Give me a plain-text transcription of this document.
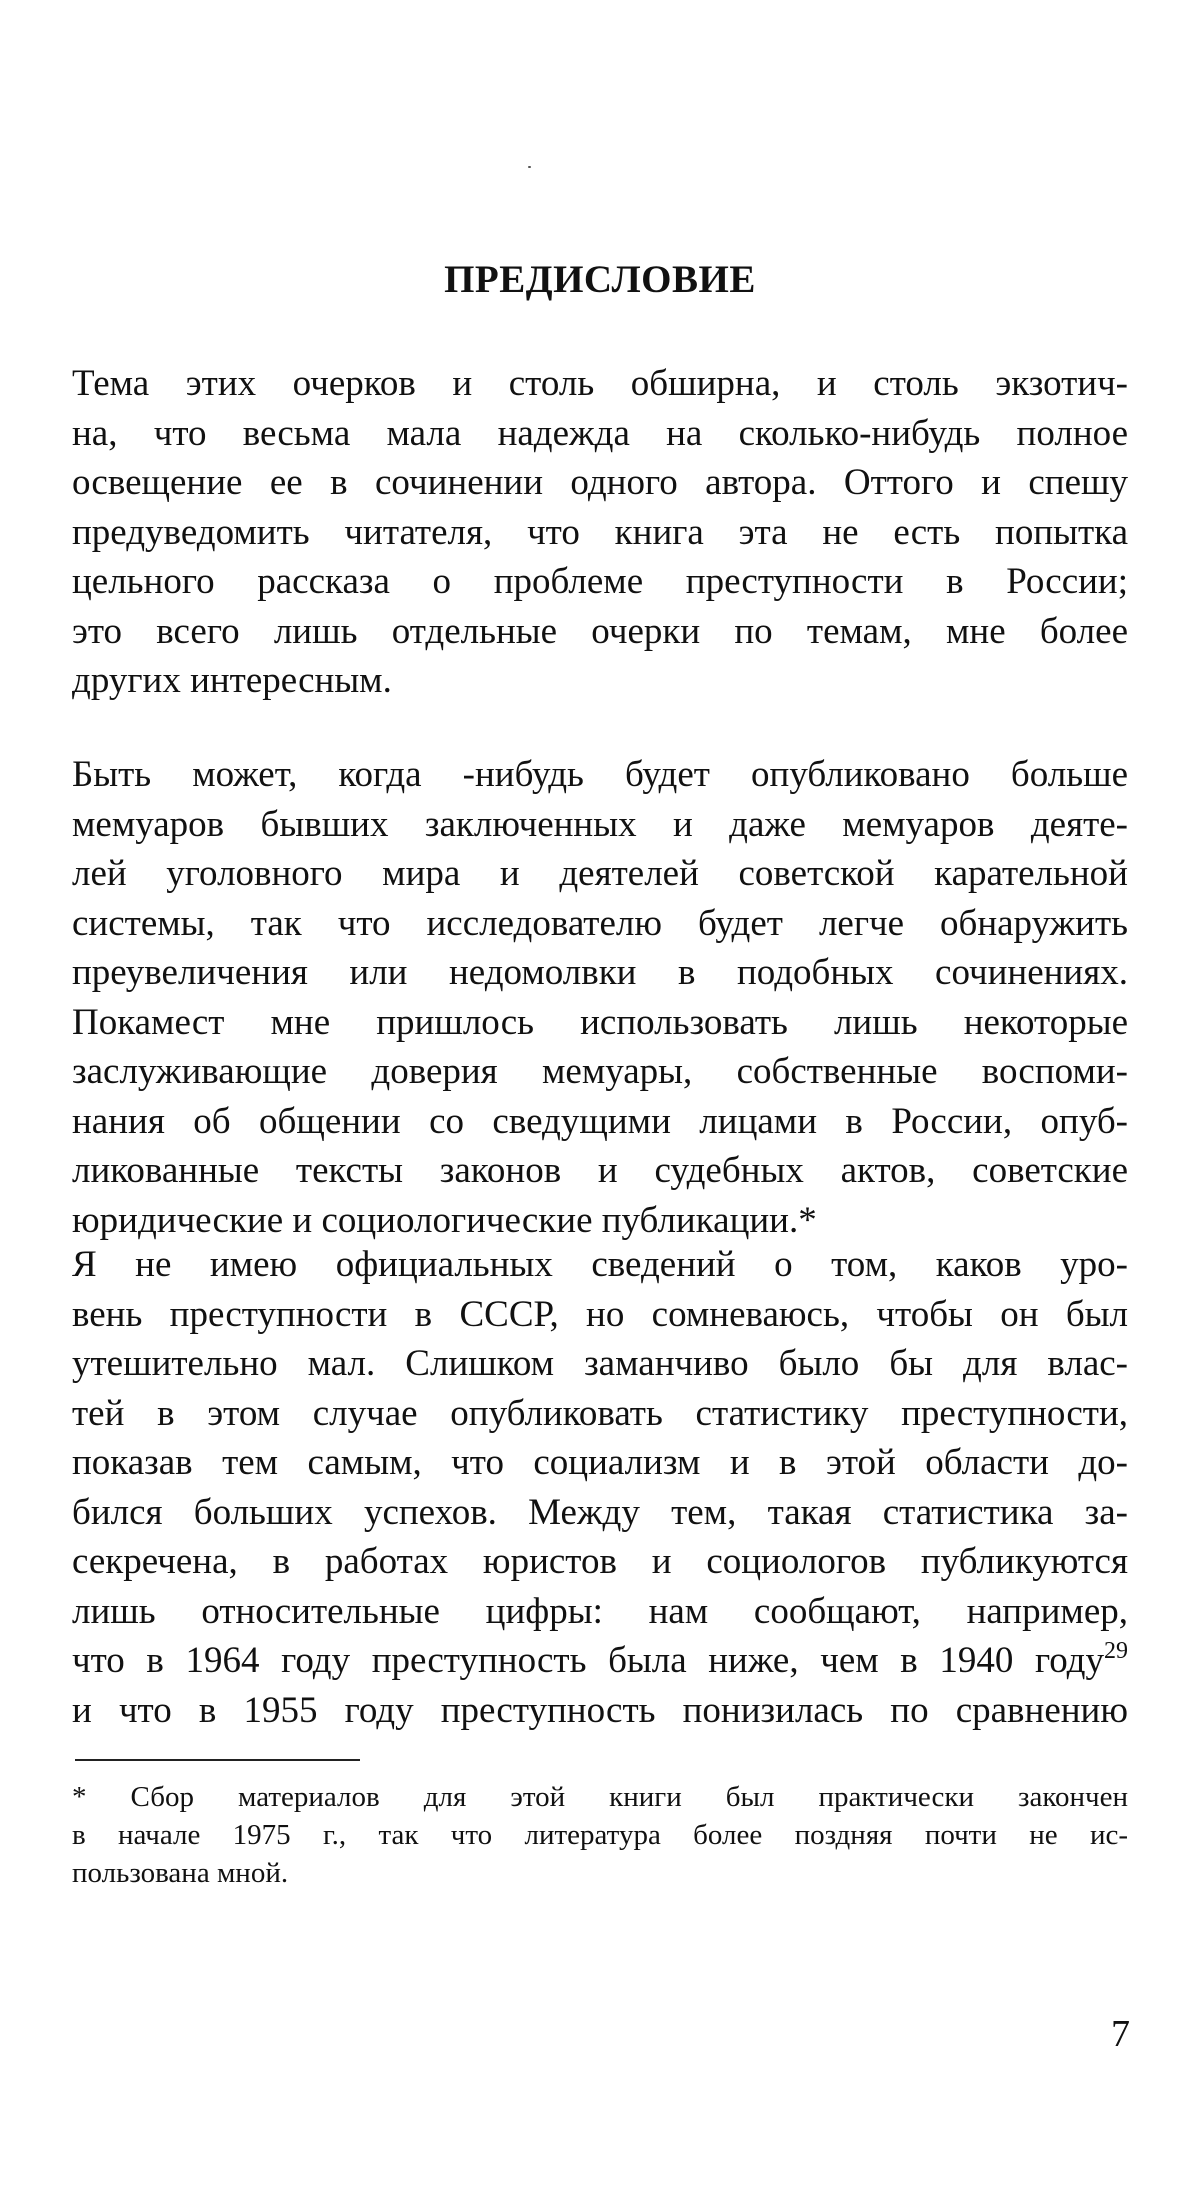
ПРЕДИСЛОВИЕ
Тема этих очерков и столь обширна, и столь экзотич-
на, что весьма мала надежда на сколько-нибудь полное
освещение ее в сочинении одного автора. Оттого и спешу
предуведомить читателя, что книга эта не есть попытка
цельного рассказа о проблеме преступности в России;
это всего лишь отдельные очерки по темам, мне более
других интересным.
Быть может, когда -нибудь будет опубликовано больше
мемуаров бывших заключенных и даже мемуаров деяте-
лей уголовного мира и деятелей советской карательной
системы, так что исследователю будет легче обнаружить
преувеличения или недомолвки в подобных сочинениях.
Покамест мне пришлось использовать лишь некоторые
заслуживающие доверия мемуары, собственные воспоми-
нания об общении со сведущими лицами в России, опуб-
ликованные тексты законов и судебных актов, советские
юридические и социологические публикации.*
Я не имею официальных сведений о том, каков уро-
вень преступности в СССР, но сомневаюсь, чтобы он был
утешительно мал. Слишком заманчиво было бы для влас-
тей в этом случае опубликовать статистику преступности,
показав тем самым, что социализм и в этой области до-
бился больших успехов. Между тем, такая статистика за-
секречена, в работах юристов и социологов публикуются
лишь относительные цифры: нам сообщают, например,
что в 1964 году преступность была ниже, чем в 1940 году$^{29}$
и что в 1955 году преступность понизилась по сравнению
* Сбор материалов для этой книги был практически закончен
в начале 1975 г., так что литература более поздняя почти не ис-
пользована мной.

7
